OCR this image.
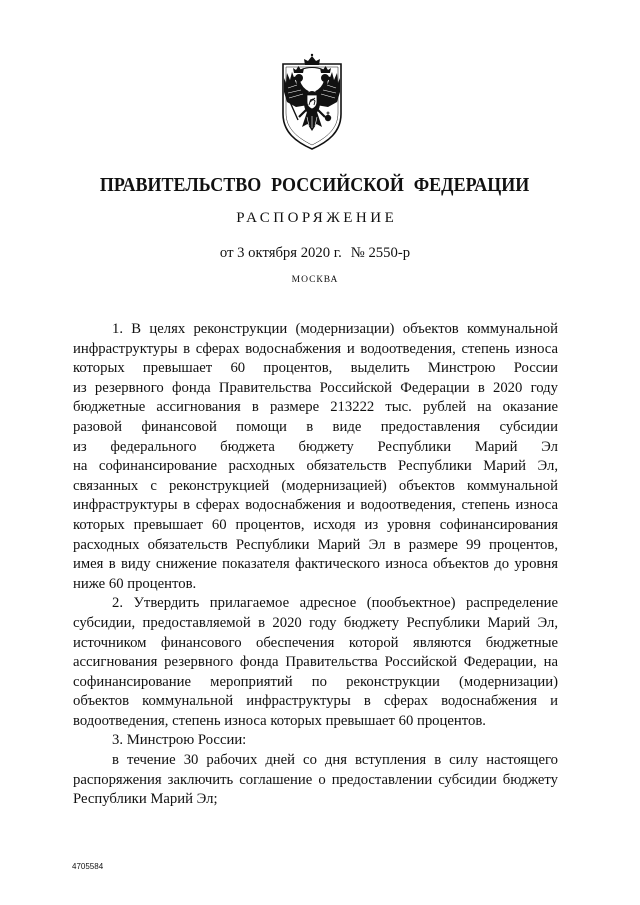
ПРАВИТЕЛЬСТВО РОССИЙСКОЙ ФЕДЕРАЦИИ
РАСПОРЯЖЕНИЕ
от 3 октября 2020 г. № 2550-р
МОСКВА
1. В целях реконструкции (модернизации) объектов коммунальной
инфраструктуры в сферах водоснабжения и водоотведения, степень износа
которых превышает 60 процентов, выделить Минстрою России
из резервного фонда Правительства Российской Федерации в 2020 году
бюджетные ассигнования в размере 213222 тыс. рублей на оказание
разовой финансовой помощи в виде предоставления субсидии
из федерального бюджета бюджету Республики Марий Эл
на софинансирование расходных обязательств Республики Марий Эл,
связанных с реконструкцией (модернизацией) объектов коммунальной
инфраструктуры в сферах водоснабжения и водоотведения, степень износа
которых превышает 60 процентов, исходя из уровня софинансирования
расходных обязательств Республики Марий Эл в размере 99 процентов,
имея в виду снижение показателя фактического износа объектов до уровня
ниже 60 процентов.
2. Утвердить прилагаемое адресное (пообъектное) распределение
субсидии, предоставляемой в 2020 году бюджету Республики Марий Эл,
источником финансового обеспечения которой являются бюджетные
ассигнования резервного фонда Правительства Российской Федерации, на
софинансирование мероприятий по реконструкции (модернизации)
объектов коммунальной инфраструктуры в сферах водоснабжения и
водоотведения, степень износа которых превышает 60 процентов.
3. Минстрою России:
в течение 30 рабочих дней со дня вступления в силу настоящего
распоряжения заключить соглашение о предоставлении субсидии бюджету
Республики Марий Эл;
4705584
